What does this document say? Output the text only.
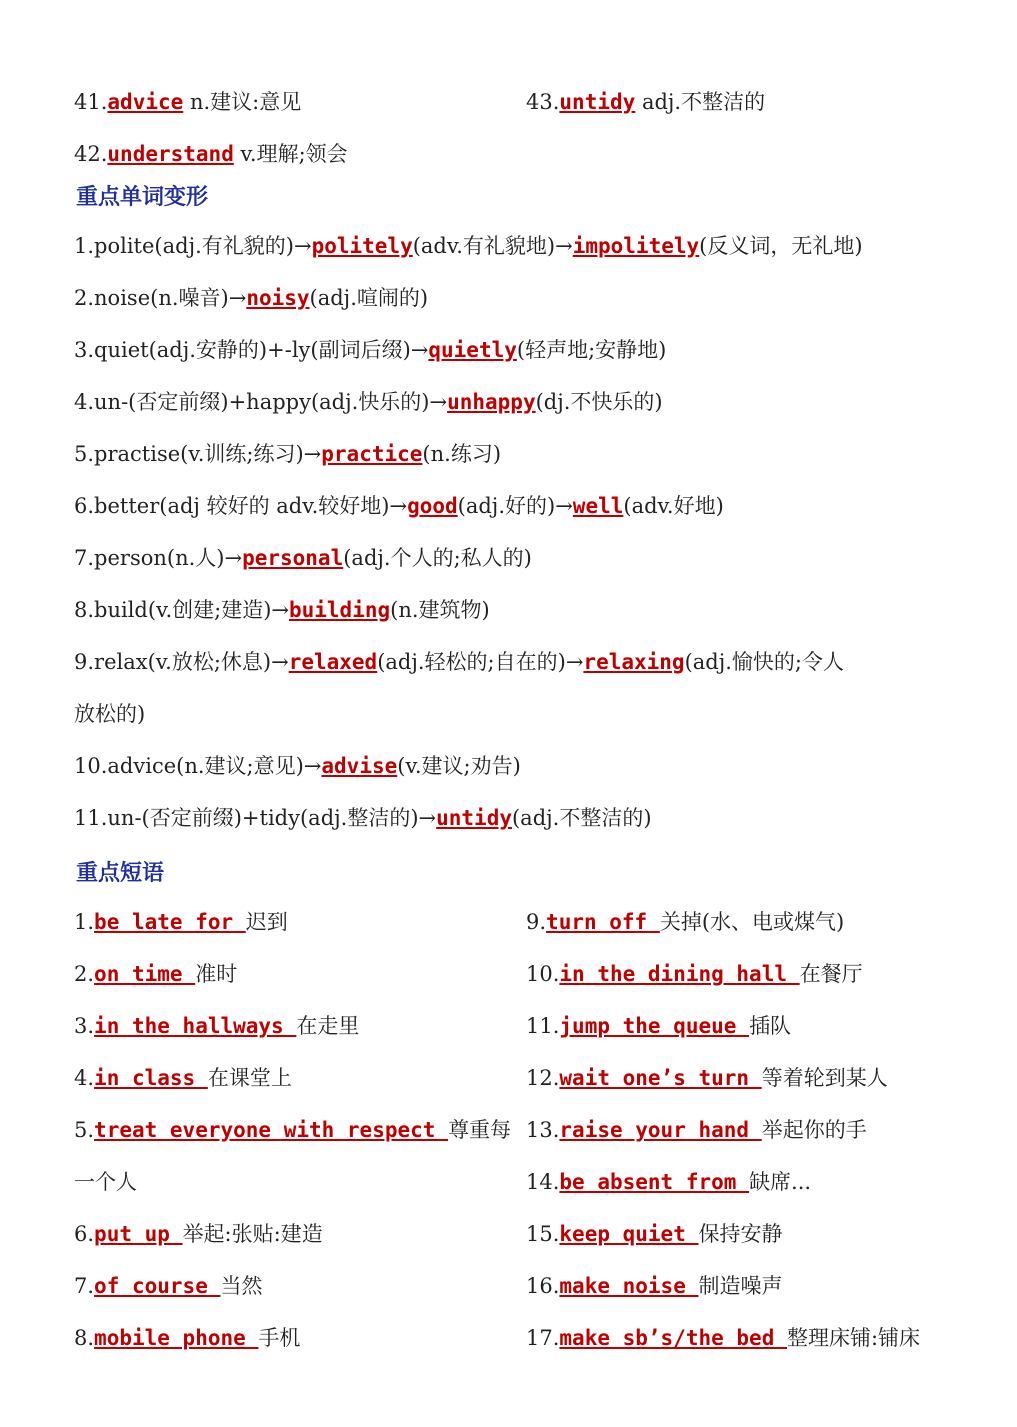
41.advice n.建议:意见	43.untidy adj.不整洁的
42.understand v.理解;领会
重点单词变形
1.polite(adj.有礼貌的)→politely(adv.有礼貌地)→impolitely(反义词，无礼地)
2.noise(n.噪音)→noisy(adj.喧闹的)
3.quiet(adj.安静的)+-ly(副词后缀)→quietly(轻声地;安静地)
4.un-(否定前缀)+happy(adj.快乐的)→unhappy(dj.不快乐的)
5.practise(v.训练;练习)→practice(n.练习)
6.better(adj 较好的 adv.较好地)→good(adj.好的)→well(adv.好地)
7.person(n.人)→personal(adj.个人的;私人的)
8.build(v.创建;建造)→building(n.建筑物)
9.relax(v.放松;休息)→relaxed(adj.轻松的;自在的)→relaxing(adj.愉快的;令人
放松的)
10.advice(n.建议;意见)→advise(v.建议;劝告)
11.un-(否定前缀)+tidy(adj.整洁的)→untidy(adj.不整洁的)
重点短语
1.be late for 迟到
2.on time 准时
3.in the hallways 在走里
4.in class 在课堂上
5.treat everyone with respect 尊重每
一个人
6.put up 举起:张贴:建造
7.of course 当然
8.mobile phone 手机
9.turn off 关掉(水、电或煤气)
10.in the dining hall 在餐厅
11.jump the queue 插队
12.wait one’s turn 等着轮到某人
13.raise your hand 举起你的手
14.be absent from 缺席...
15.keep quiet 保持安静
16.make noise 制造噪声
17.make sb’s/the bed 整理床铺:铺床
